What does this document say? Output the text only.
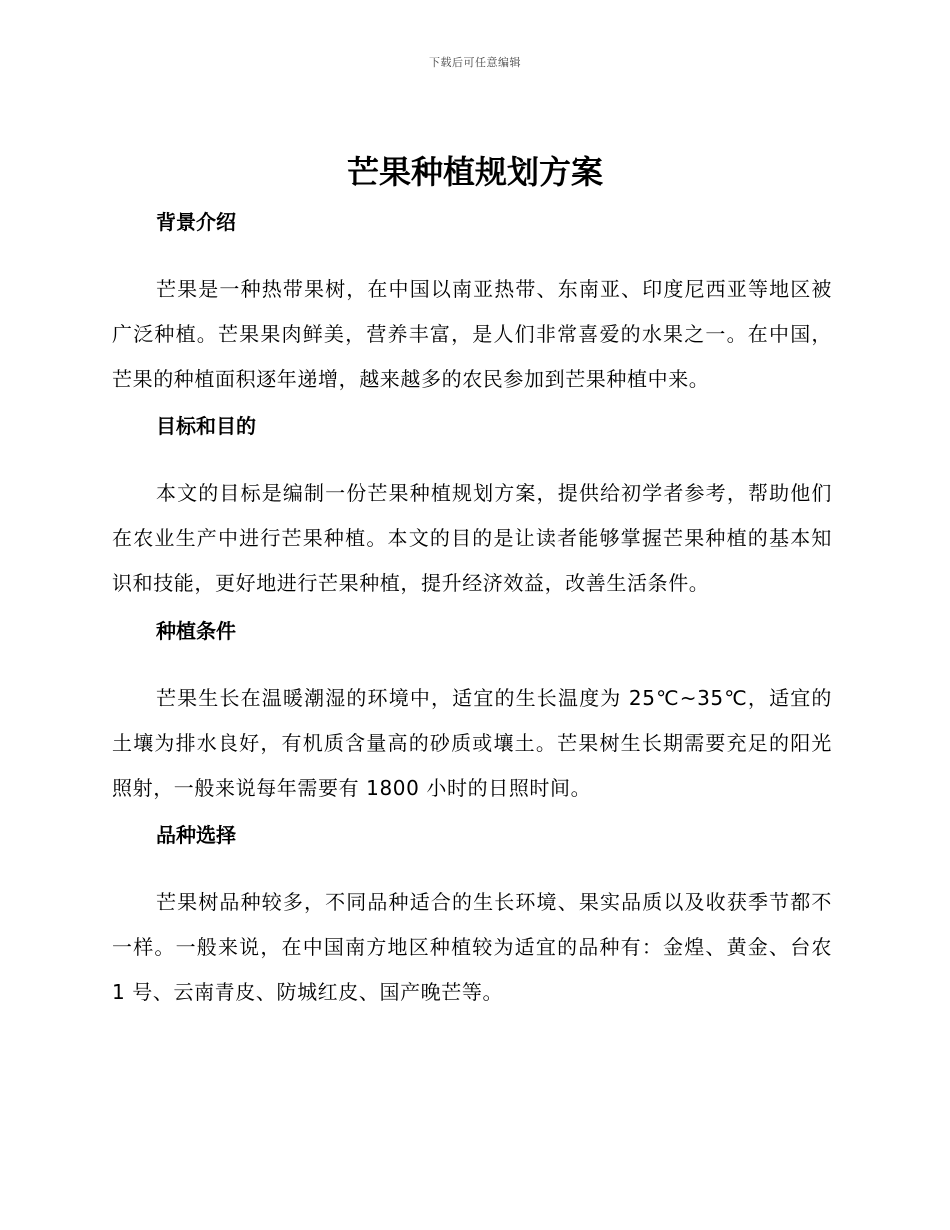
下载后可任意编辑
芒果种植规划方案
背景介绍

芒果是一种热带果树，在中国以南亚热带、东南亚、印度尼西亚等地区被广泛种植。芒果果肉鲜美，营养丰富，是人们非常喜爱的水果之一。在中国，芒果的种植面积逐年递增，越来越多的农民参加到芒果种植中来。

目标和目的

本文的目标是编制一份芒果种植规划方案，提供给初学者参考，帮助他们在农业生产中进行芒果种植。本文的目的是让读者能够掌握芒果种植的基本知识和技能，更好地进行芒果种植，提升经济效益，改善生活条件。

种植条件

芒果生长在温暖潮湿的环境中，适宜的生长温度为 25℃~35℃，适宜的土壤为排水良好，有机质含量高的砂质或壤土。芒果树生长期需要充足的阳光照射，一般来说每年需要有 1800 小时的日照时间。

品种选择

芒果树品种较多，不同品种适合的生长环境、果实品质以及收获季节都不一样。一般来说，在中国南方地区种植较为适宜的品种有：金煌、黄金、台农 1 号、云南青皮、防城红皮、国产晚芒等。
